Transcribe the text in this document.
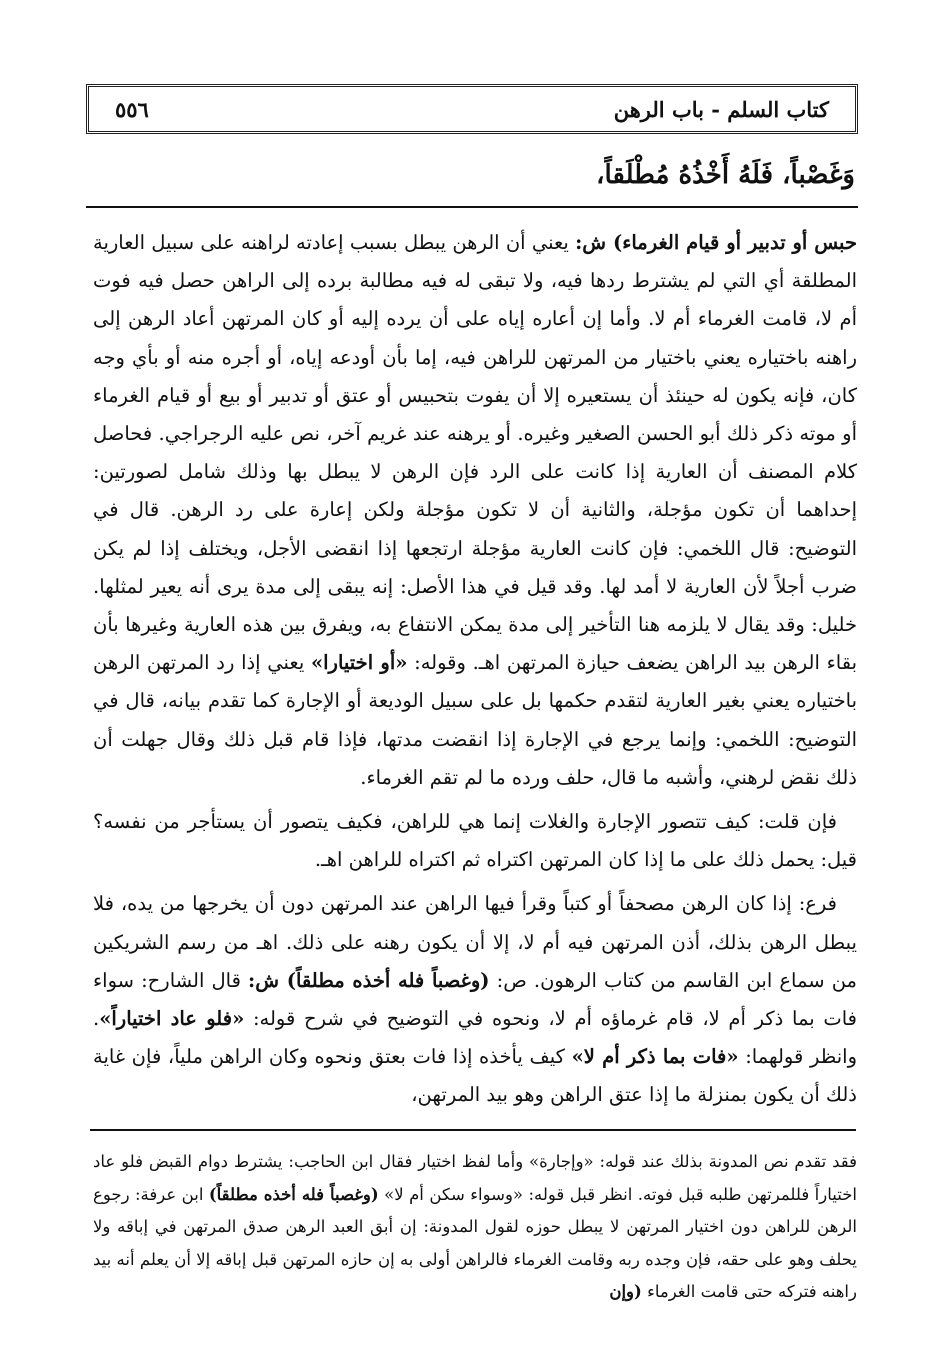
كتاب السلم - باب الرهن
٥٥٦
وَغَصْباً، فَلَهُ أَخْذُهُ مُطْلَقاً،

حبس أو تدبير أو قيام الغرماء) ش: يعني أن الرهن يبطل بسبب إعادته لراهنه على سبيل العارية المطلقة أي التي لم يشترط ردها فيه، ولا تبقى له فيه مطالبة برده إلى الراهن حصل فيه فوت أم لا، قامت الغرماء أم لا. وأما إن أعاره إياه على أن يرده إليه أو كان المرتهن أعاد الرهن إلى راهنه باختياره يعني باختيار من المرتهن للراهن فيه، إما بأن أودعه إياه، أو أجره منه أو بأي وجه كان، فإنه يكون له حينئذ أن يستعيره إلا أن يفوت بتحبيس أو عتق أو تدبير أو بيع أو قيام الغرماء أو موته ذكر ذلك أبو الحسن الصغير وغيره. أو يرهنه عند غريم آخر، نص عليه الرجراجي. فحاصل كلام المصنف أن العارية إذا كانت على الرد فإن الرهن لا يبطل بها وذلك شامل لصورتين: إحداهما أن تكون مؤجلة، والثانية أن لا تكون مؤجلة ولكن إعارة على رد الرهن. قال في التوضيح: قال اللخمي: فإن كانت العارية مؤجلة ارتجعها إذا انقضى الأجل، ويختلف إذا لم يكن ضرب أجلاً لأن العارية لا أمد لها. وقد قيل في هذا الأصل: إنه يبقى إلى مدة يرى أنه يعير لمثلها. خليل: وقد يقال لا يلزمه هنا التأخير إلى مدة يمكن الانتفاع به، ويفرق بين هذه العارية وغيرها بأن بقاء الرهن بيد الراهن يضعف حيازة المرتهن اهـ. وقوله: «أو اختيارا» يعني إذا رد المرتهن الرهن باختياره يعني بغير العارية لتقدم حكمها بل على سبيل الوديعة أو الإجارة كما تقدم بيانه، قال في التوضيح: اللخمي: وإنما يرجع في الإجارة إذا انقضت مدتها، فإذا قام قبل ذلك وقال جهلت أن ذلك نقض لرهني، وأشبه ما قال، حلف ورده ما لم تقم الغرماء.

فإن قلت: كيف تتصور الإجارة والغلات إنما هي للراهن، فكيف يتصور أن يستأجر من نفسه؟ قيل: يحمل ذلك على ما إذا كان المرتهن اكتراه ثم اكتراه للراهن اهـ.

فرع: إذا كان الرهن مصحفاً أو كتباً وقرأ فيها الراهن عند المرتهن دون أن يخرجها من يده، فلا يبطل الرهن بذلك، أذن المرتهن فيه أم لا، إلا أن يكون رهنه على ذلك. اهـ من رسم الشريكين من سماع ابن القاسم من كتاب الرهون. ص: (وغصباً فله أخذه مطلقاً) ش: قال الشارح: سواء فات بما ذكر أم لا، قام غرماؤه أم لا، ونحوه في التوضيح في شرح قوله: «فلو عاد اختياراً». وانظر قولهما: «فات بما ذكر أم لا» كيف يأخذه إذا فات بعتق ونحوه وكان الراهن ملياً، فإن غاية ذلك أن يكون بمنزلة ما إذا عتق الراهن وهو بيد المرتهن،

فقد تقدم نص المدونة بذلك عند قوله: «وإجارة» وأما لفظ اختيار فقال ابن الحاجب: يشترط دوام القبض فلو عاد اختياراً فللمرتهن طلبه قبل فوته. انظر قبل قوله: «وسواء سكن أم لا» (وغصباً فله أخذه مطلقاً) ابن عرفة: رجوع الرهن للراهن دون اختيار المرتهن لا يبطل حوزه لقول المدونة: إن أبق العبد الرهن صدق المرتهن في إباقه ولا يحلف وهو على حقه، فإن وجده ربه وقامت الغرماء فالراهن أولى به إن حازه المرتهن قبل إباقه إلا أن يعلم أنه بيد راهنه فتركه حتى قامت الغرماء (وإن
